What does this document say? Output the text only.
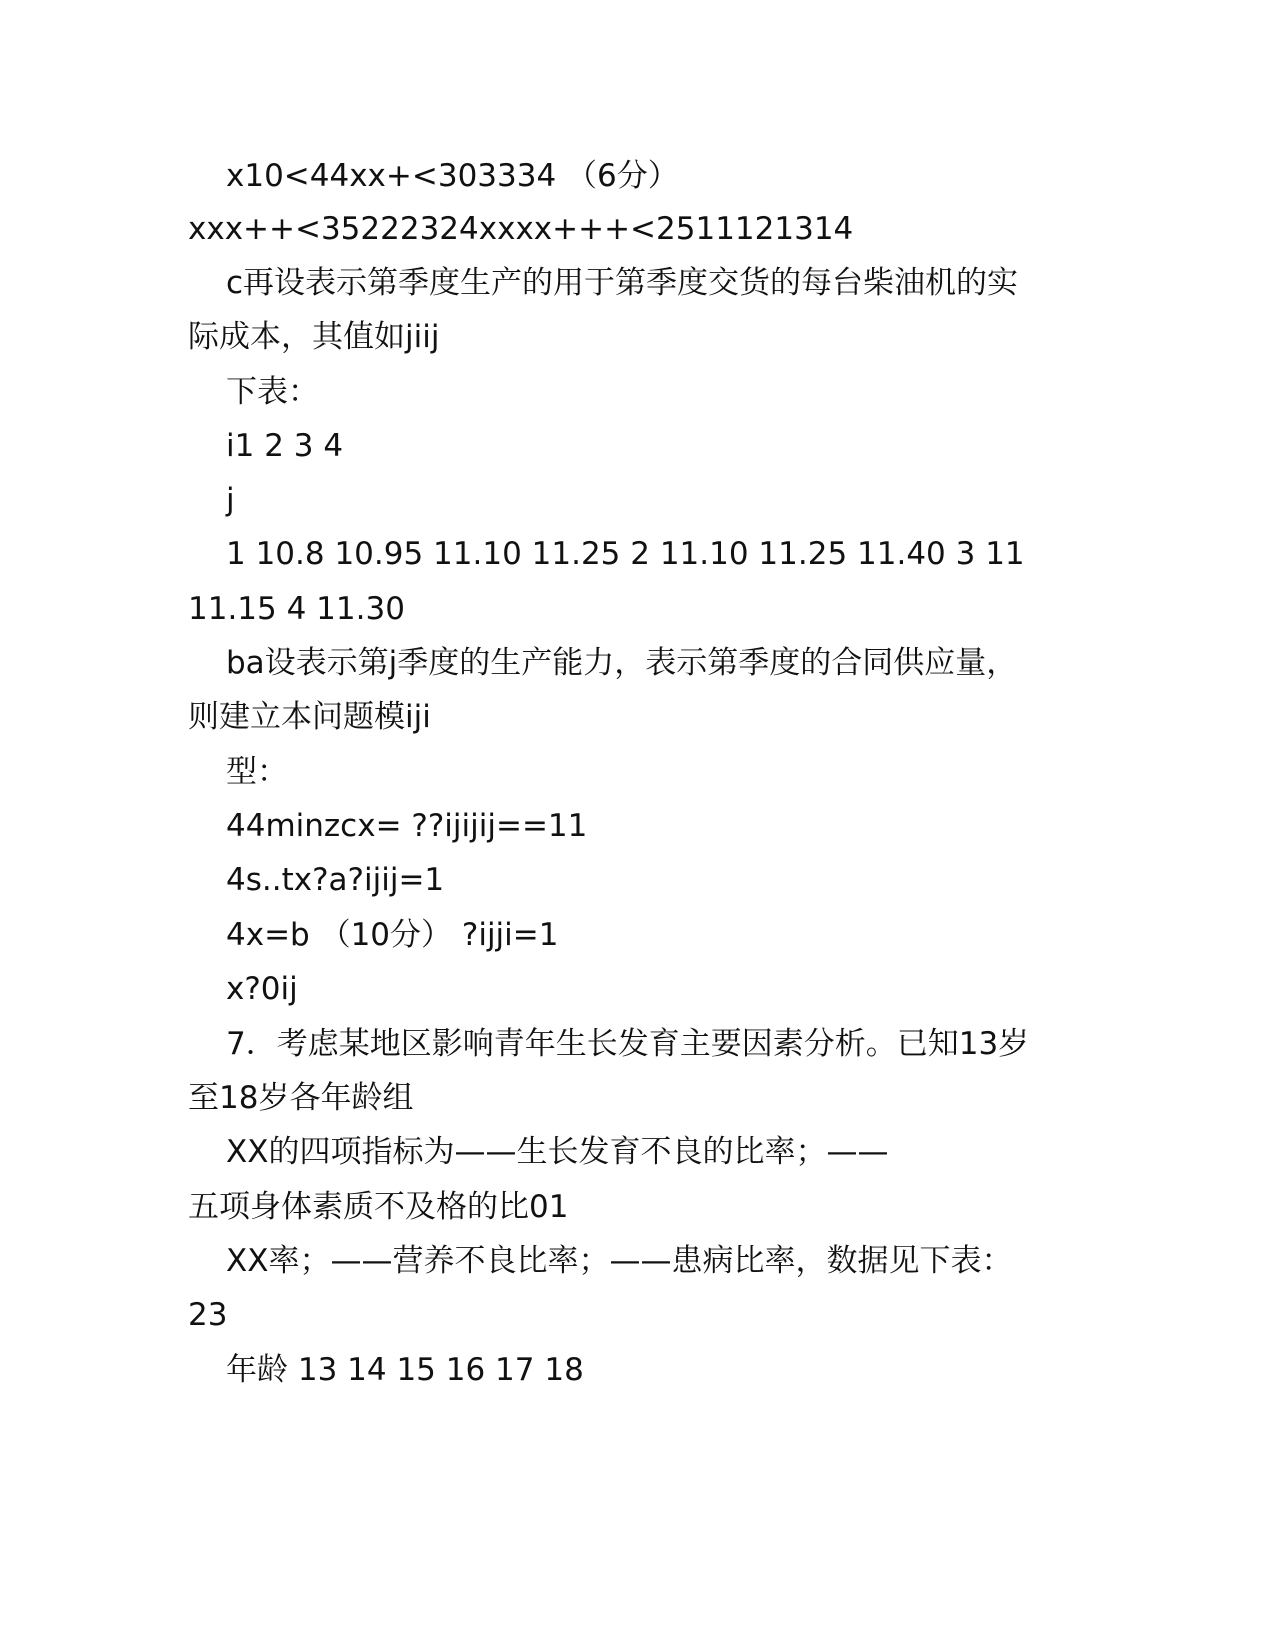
x10<44xx+<303334 （6分）
xxx++<35222324xxxx+++<2511121314
c再设表示第季度生产的用于第季度交货的每台柴油机的实
际成本，其值如jiij
下表：
i1 2 3 4
j
1 10.8 10.95 11.10 11.25 2 11.10 11.25 11.40 3 11
11.15 4 11.30
ba设表示第j季度的生产能力，表示第季度的合同供应量，
则建立本问题模iji
型：
44minzcx= ??ijijij==11
4s..tx?a?ijij=1
4x=b （10分） ?ijji=1
x?0ij
7．考虑某地区影响青年生长发育主要因素分析。已知13岁
至18岁各年龄组
XX的四项指标为——生长发育不良的比率；——
五项身体素质不及格的比01
XX率；——营养不良比率；——患病比率，数据见下表：
23
年龄 13 14 15 16 17 18
